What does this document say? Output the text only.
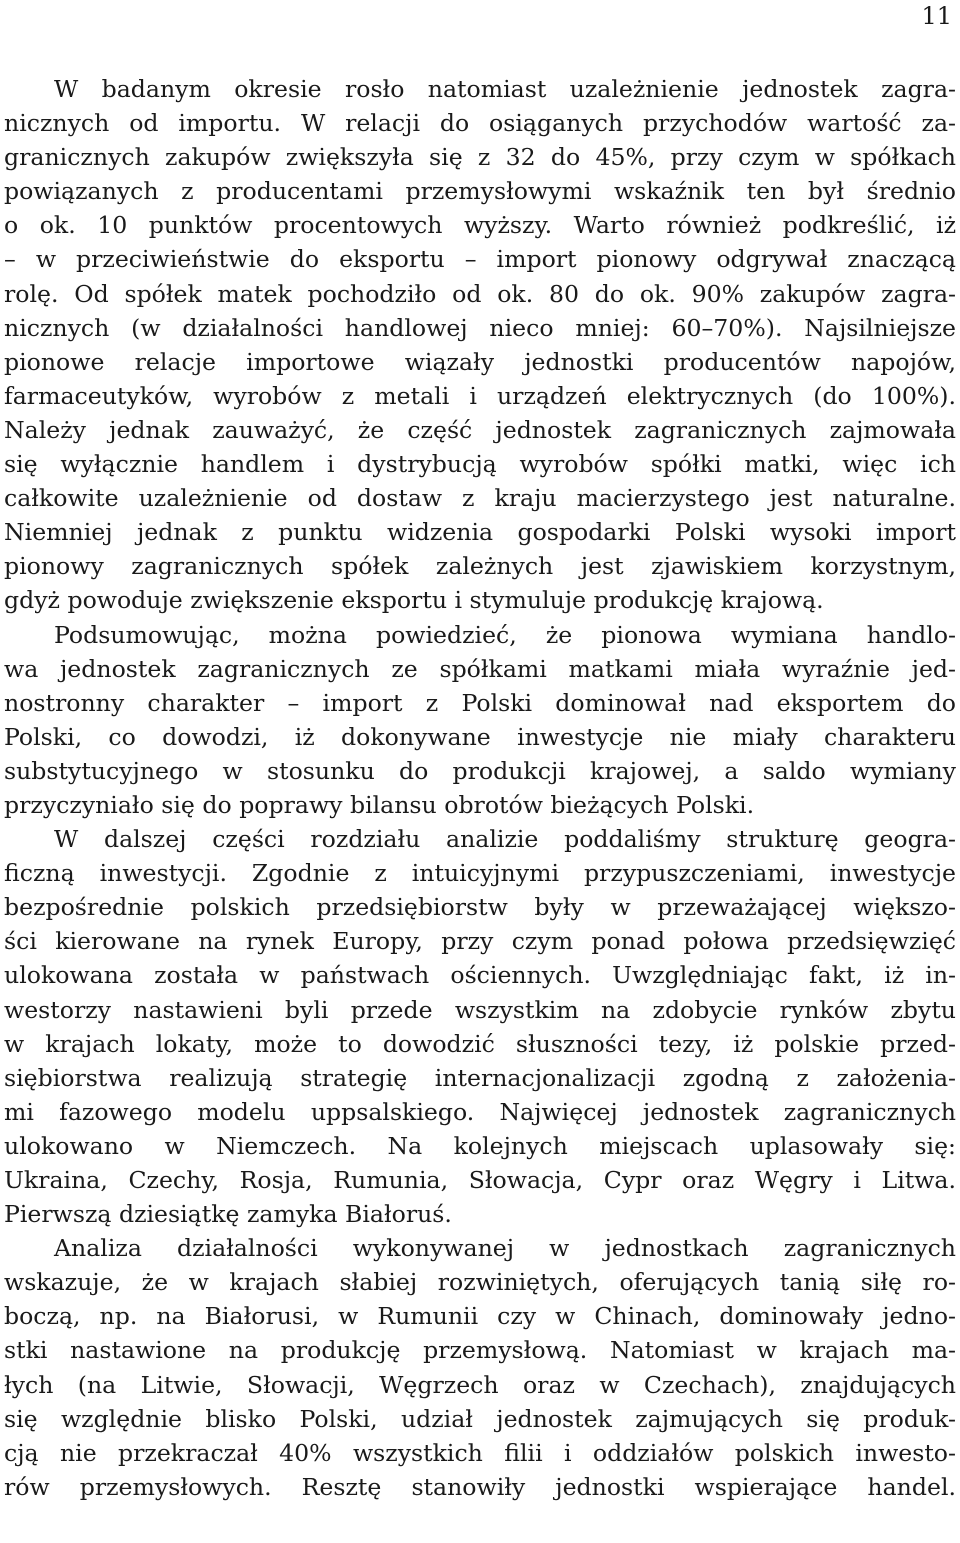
11
W badanym okresie rosło natomiast uzależnienie jednostek zagra-
nicznych od importu. W relacji do osiąganych przychodów wartość za-
granicznych zakupów zwiększyła się z 32 do 45%, przy czym w spółkach
powiązanych z producentami przemysłowymi wskaźnik ten był średnio
o ok. 10 punktów procentowych wyższy. Warto również podkreślić, iż
– w przeciwieństwie do eksportu – import pionowy odgrywał znaczącą
rolę. Od spółek matek pochodziło od ok. 80 do ok. 90% zakupów zagra-
nicznych (w działalności handlowej nieco mniej: 60–70%). Najsilniejsze
pionowe relacje importowe wiązały jednostki producentów napojów,
farmaceutyków, wyrobów z metali i urządzeń elektrycznych (do 100%).
Należy jednak zauważyć, że część jednostek zagranicznych zajmowała
się wyłącznie handlem i dystrybucją wyrobów spółki matki, więc ich
całkowite uzależnienie od dostaw z kraju macierzystego jest naturalne.
Niemniej jednak z punktu widzenia gospodarki Polski wysoki import
pionowy zagranicznych spółek zależnych jest zjawiskiem korzystnym,
gdyż powoduje zwiększenie eksportu i stymuluje produkcję krajową.
Podsumowując, można powiedzieć, że pionowa wymiana handlo-
wa jednostek zagranicznych ze spółkami matkami miała wyraźnie jed-
nostronny charakter – import z Polski dominował nad eksportem do
Polski, co dowodzi, iż dokonywane inwestycje nie miały charakteru
substytucyjnego w stosunku do produkcji krajowej, a saldo wymiany
przyczyniało się do poprawy bilansu obrotów bieżących Polski.
W dalszej części rozdziału analizie poddaliśmy strukturę geogra-
ficzną inwestycji. Zgodnie z intuicyjnymi przypuszczeniami, inwestycje
bezpośrednie polskich przedsiębiorstw były w przeważającej większo-
ści kierowane na rynek Europy, przy czym ponad połowa przedsięwzięć
ulokowana została w państwach ościennych. Uwzględniając fakt, iż in-
westorzy nastawieni byli przede wszystkim na zdobycie rynków zbytu
w krajach lokaty, może to dowodzić słuszności tezy, iż polskie przed-
siębiorstwa realizują strategię internacjonalizacji zgodną z założenia-
mi fazowego modelu uppsalskiego. Najwięcej jednostek zagranicznych
ulokowano w Niemczech. Na kolejnych miejscach uplasowały się:
Ukraina, Czechy, Rosja, Rumunia, Słowacja, Cypr oraz Węgry i Litwa.
Pierwszą dziesiątkę zamyka Białoruś.
Analiza działalności wykonywanej w jednostkach zagranicznych
wskazuje, że w krajach słabiej rozwiniętych, oferujących tanią siłę ro-
boczą, np. na Białorusi, w Rumunii czy w Chinach, dominowały jedno-
stki nastawione na produkcję przemysłową. Natomiast w krajach ma-
łych (na Litwie, Słowacji, Węgrzech oraz w Czechach), znajdujących
się względnie blisko Polski, udział jednostek zajmujących się produk-
cją nie przekraczał 40% wszystkich filii i oddziałów polskich inwesto-
rów przemysłowych. Resztę stanowiły jednostki wspierające handel.
